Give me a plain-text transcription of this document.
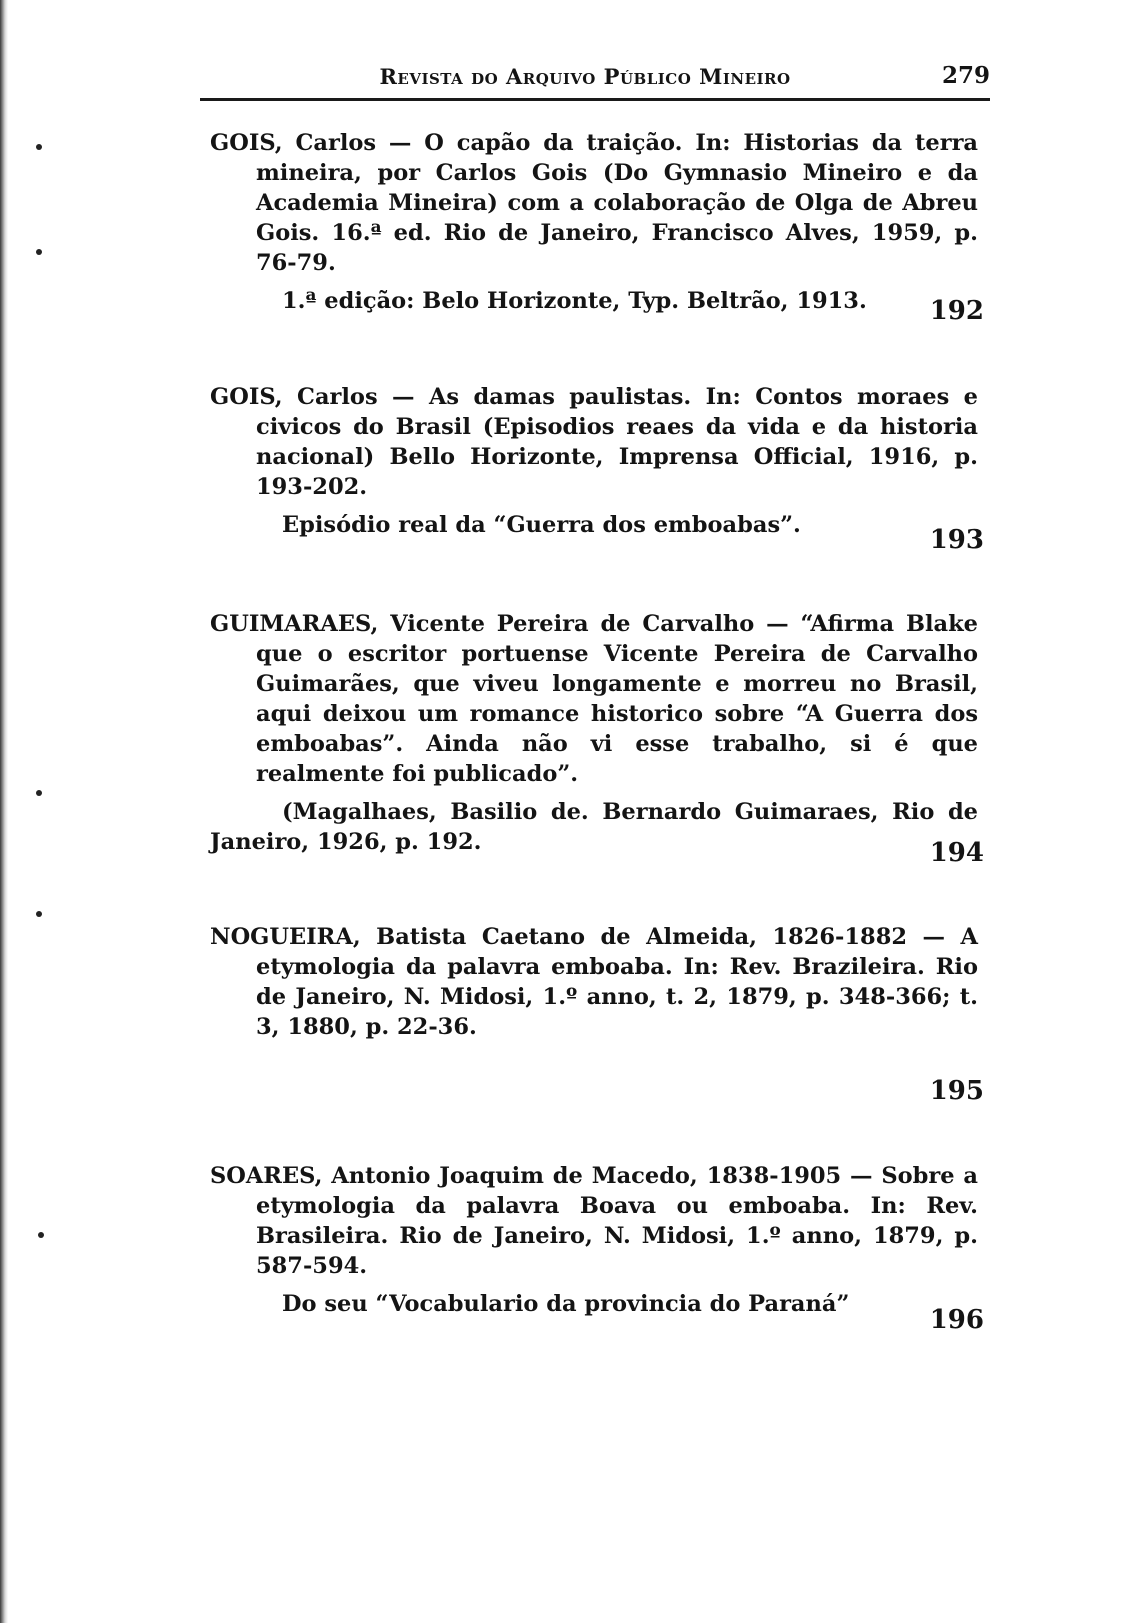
Revista do Arquivo Público Mineiro	279

GOIS, Carlos — O capão da traição. In: Historias da terra mineira, por Carlos Gois (Do Gymnasio Mineiro e da Academia Mineira) com a colaboração de Olga de Abreu Gois. 16.ª ed. Rio de Janeiro, Francisco Alves, 1959, p. 76-79.

1.ª edição: Belo Horizonte, Typ. Beltrão, 1913.	192

GOIS, Carlos — As damas paulistas. In: Contos moraes e civicos do Brasil (Episodios reaes da vida e da historia nacional) Bello Horizonte, Imprensa Official, 1916, p. 193-202.

Episódio real da “Guerra dos emboabas”.	193

GUIMARAES, Vicente Pereira de Carvalho — “Afirma Blake que o escritor portuense Vicente Pereira de Carvalho Guimarães, que viveu longamente e morreu no Brasil, aqui deixou um romance historico sobre “A Guerra dos emboabas”. Ainda não vi esse trabalho, si é que realmente foi publicado”.

(Magalhaes, Basilio de. Bernardo Guimaraes, Rio de Janeiro, 1926, p. 192.	194

NOGUEIRA, Batista Caetano de Almeida, 1826-1882 — A etymologia da palavra emboaba. In: Rev. Brazileira. Rio de Janeiro, N. Midosi, 1.º anno, t. 2, 1879, p. 348-366; t. 3, 1880, p. 22-36.

195

SOARES, Antonio Joaquim de Macedo, 1838-1905 — Sobre a etymologia da palavra Boava ou emboaba. In: Rev. Brasileira. Rio de Janeiro, N. Midosi, 1.º anno, 1879, p. 587-594.

Do seu “Vocabulario da provincia do Paraná”

196
